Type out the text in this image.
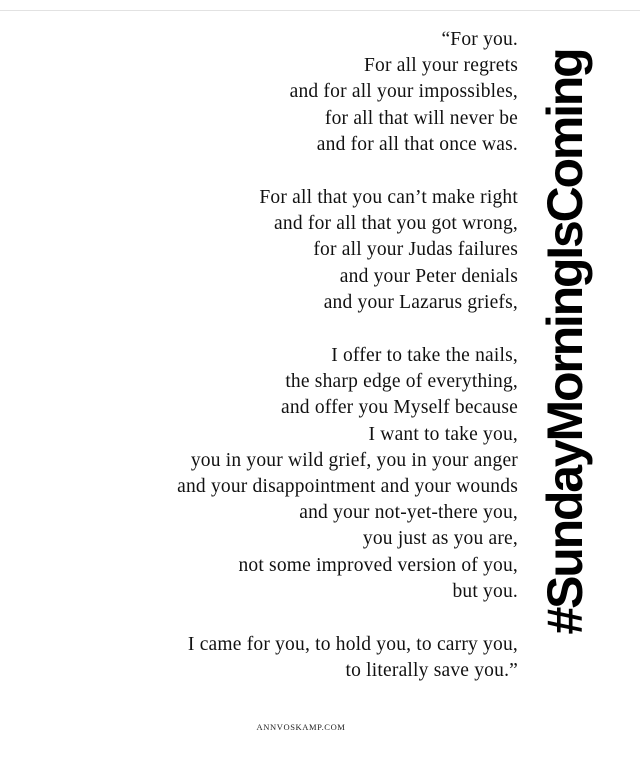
“For you.
For all your regrets
and for all your impossibles,
for all that will never be
and for all that once was.
For all that you can’t make right
and for all that you got wrong,
for all your Judas failures
and your Peter denials
and your Lazarus griefs,
I offer to take the nails,
the sharp edge of everything,
and offer you Myself because
I want to take you,
you in your wild grief, you in your anger
and your disappointment and your wounds
and your not-yet-there you,
you just as you are,
not some improved version of you,
but you.
I came for you, to hold you, to carry you,
to literally save you.”
#SundayMorningIsComing
ANNVOSKAMP.COM
